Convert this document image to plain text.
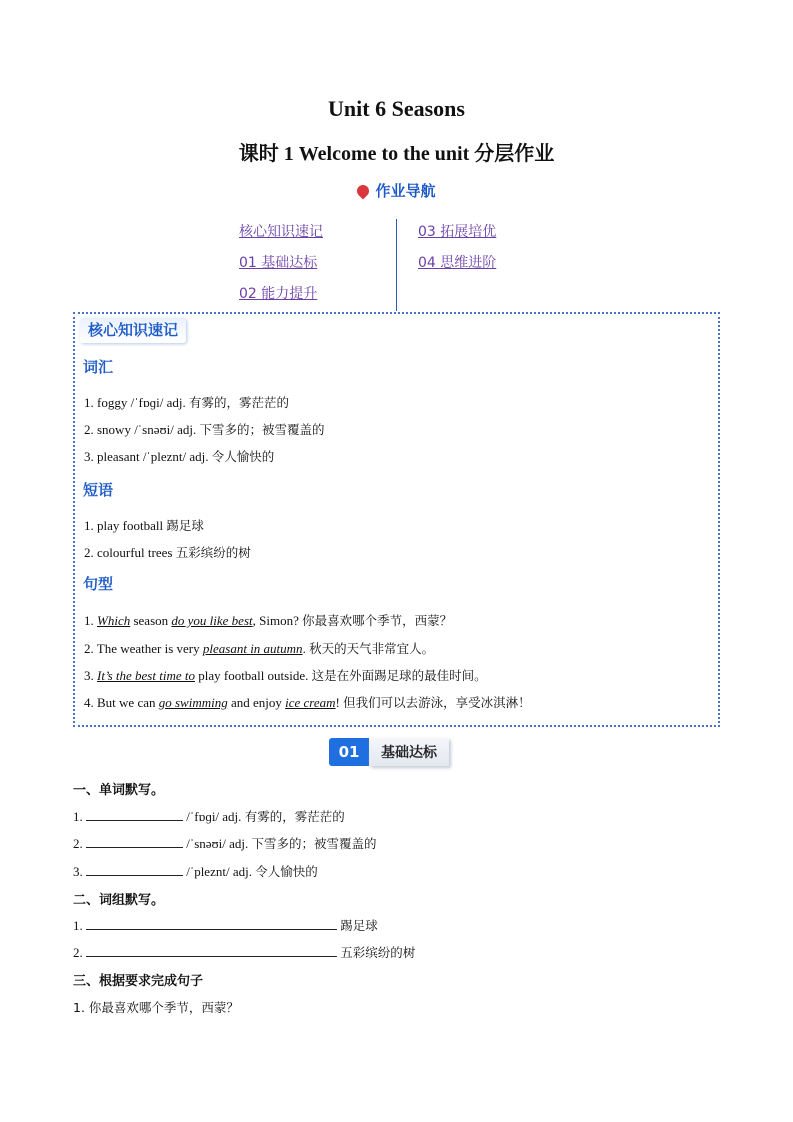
Unit 6 Seasons
课时 1 Welcome to the unit 分层作业
作业导航
核心知识速记
01 基础达标
02 能力提升
03 拓展培优
04 思维进阶
核心知识速记
词汇
1. foggy /ˈfɒɡi/ adj. 有雾的，雾茫茫的
2. snowy /ˈsnəʊi/ adj. 下雪多的；被雪覆盖的
3. pleasant /ˈpleznt/ adj. 令人愉快的
短语
1. play football 踢足球
2. colourful trees 五彩缤纷的树
句型
1. Which season do you like best, Simon? 你最喜欢哪个季节，西蒙？
2. The weather is very pleasant in autumn. 秋天的天气非常宜人。
3. It’s the best time to play football outside. 这是在外面踢足球的最佳时间。
4. But we can go swimming and enjoy ice cream! 但我们可以去游泳，享受冰淇淋！
01	基础达标
一、单词默写。
1.	/ˈfɒɡi/ adj. 有雾的，雾茫茫的
2.	/ˈsnəʊi/ adj. 下雪多的；被雪覆盖的
3.	/ˈpleznt/ adj. 令人愉快的
二、词组默写。
1.	踢足球
2.	五彩缤纷的树
三、根据要求完成句子
1. 你最喜欢哪个季节，西蒙？
